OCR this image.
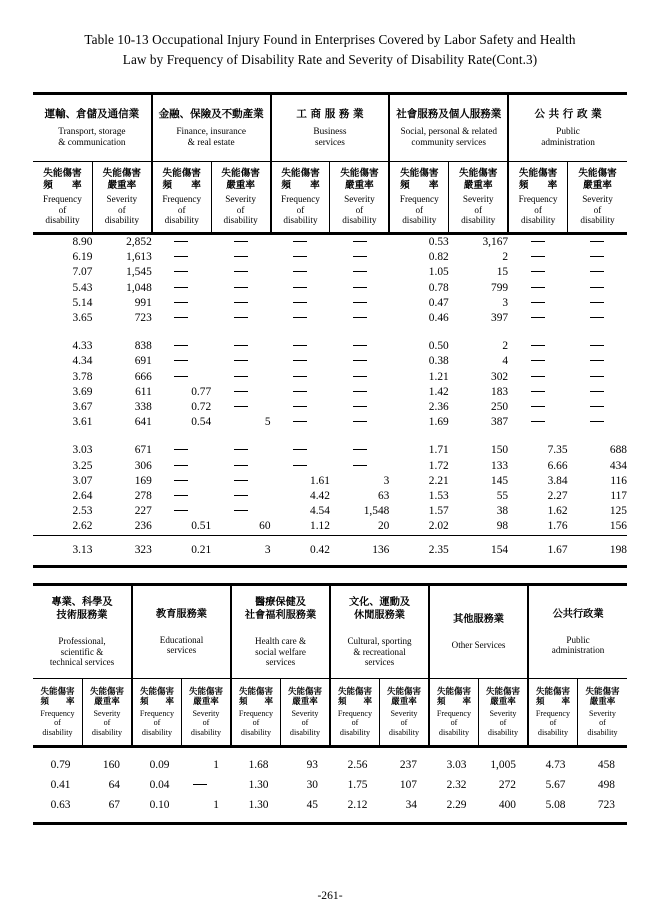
Table 10-13 Occupational Injury Found in Enterprises Covered by Labor Safety and Health
Law by Frequency of Disability Rate and Severity of Disability Rate(Cont.3)
運輸、倉儲及通信業
Transport, storage
& communication

金融、保險及不動產業
Finance, insurance
& real estate

工 商 服 務 業
Business
services

社會服務及個人服務業
Social, personal & related
community services

公 共 行 政 業
Public
administration
失能傷害
頻　　率
Frequency
of
disability

失能傷害
嚴重率
Severity
of
disability

失能傷害
頻　　率
Frequency
of
disability

失能傷害
嚴重率
Severity
of
disability

失能傷害
頻　　率
Frequency
of
disability

失能傷害
嚴重率
Severity
of
disability

失能傷害
頻　　率
Frequency
of
disability

失能傷害
嚴重率
Severity
of
disability

失能傷害
頻　　率
Frequency
of
disability

失能傷害
嚴重率
Severity
of
disability
8.90	2,852					0.53	3,167		
6.19	1,613					0.82	2		
7.07	1,545					1.05	15		
5.43	1,048					0.78	799		
5.14	991					0.47	3		
3.65	723					0.46	397		

4.33	838					0.50	2		
4.34	691					0.38	4		
3.78	666					1.21	302		
3.69	611	0.77				1.42	183		
3.67	338	0.72				2.36	250		
3.61	641	0.54	5			1.69	387		

3.03	671					1.71	150	7.35	688
3.25	306					1.72	133	6.66	434
3.07	169			1.61	3	2.21	145	3.84	116
2.64	278			4.42	63	1.53	55	2.27	117
2.53	227			4.54	1,548	1.57	38	1.62	125
2.62	236	0.51	60	1.12	20	2.02	98	1.76	156

3.13	323	0.21	3	0.42	136	2.35	154	1.67	198

專業、科學及
技術服務業
Professional,
scientific &
technical services

教育服務業
Educational
services

醫療保健及
社會福利服務業
Health care &
social welfare
services

文化、運動及
休閒服務業
Cultural, sporting
& recreational
services

其他服務業
Other Services

公共行政業
Public
administration
失能傷害
頻　　率
Frequency
of
disability

失能傷害
嚴重率
Severity
of
disability

失能傷害
頻　　率
Frequency
of
disability

失能傷害
嚴重率
Severity
of
disability

失能傷害
頻　　率
Frequency
of
disability

失能傷害
嚴重率
Severity
of
disability

失能傷害
頻　　率
Frequency
of
disability

失能傷害
嚴重率
Severity
of
disability

失能傷害
頻　　率
Frequency
of
disability

失能傷害
嚴重率
Severity
of
disability

失能傷害
頻　　率
Frequency
of
disability

失能傷害
嚴重率
Severity
of
disability

0.79	160	0.09	1	1.68	93	2.56	237	3.03	1,005	4.73	458
0.41	64	0.04		1.30	30	1.75	107	2.32	272	5.67	498
0.63	67	0.10	1	1.30	45	2.12	34	2.29	400	5.08	723

-261-
